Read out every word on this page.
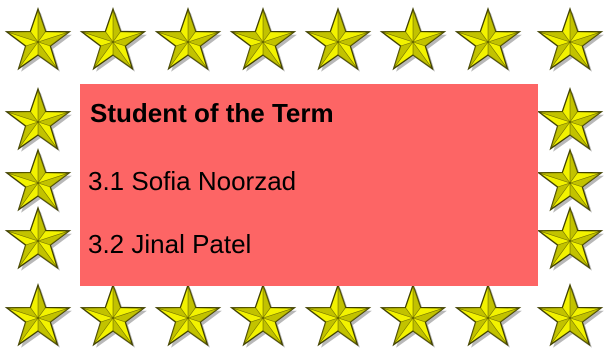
Student of the Term

3.1 Sofia Noorzad

3.2 Jinal Patel
